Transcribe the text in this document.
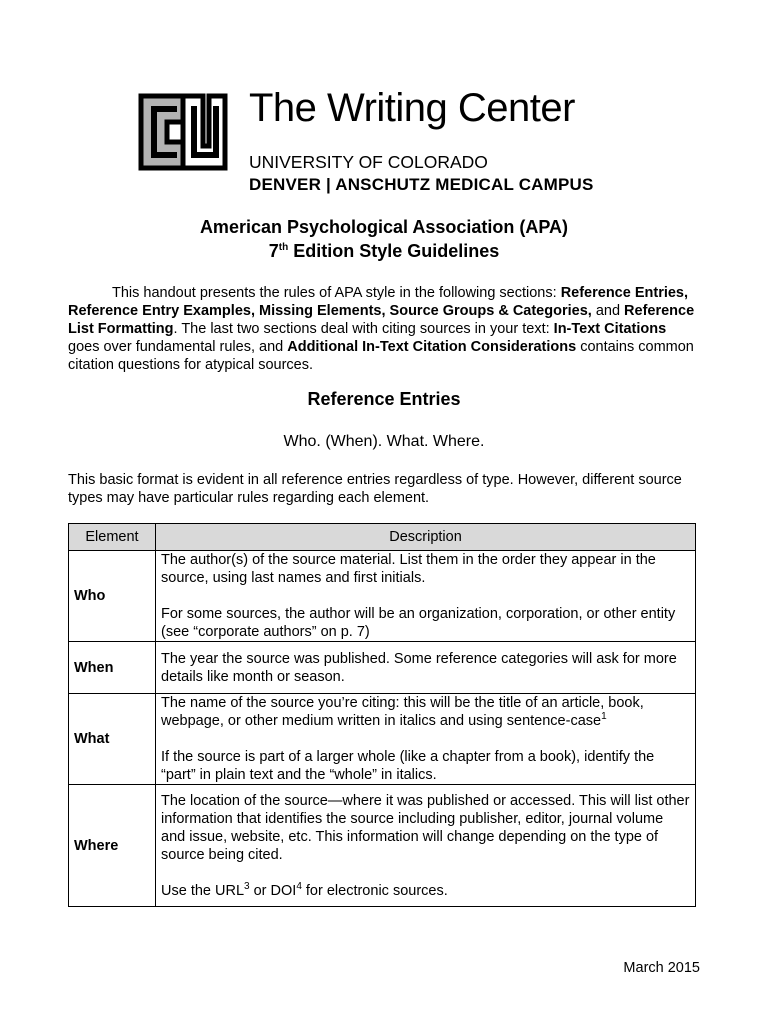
The Writing Center
UNIVERSITY OF COLORADO
DENVER | ANSCHUTZ MEDICAL CAMPUS
American Psychological Association (APA)
7th Edition Style Guidelines

This handout presents the rules of APA style in the following sections: Reference Entries, Reference Entry Examples, Missing Elements, Source Groups & Categories, and Reference List Formatting. The last two sections deal with citing sources in your text: In-Text Citations goes over fundamental rules, and Additional In-Text Citation Considerations contains common citation questions for atypical sources.

Reference Entries
Who. (When). What. Where.
This basic format is evident in all reference entries regardless of type. However, different source types may have particular rules regarding each element.
Element	Description
Who	The author(s) of the source material. List them in the order they appear in the source, using last names and first initials.

For some sources, the author will be an organization, corporation, or other entity (see “corporate authors” on p. 7)

When	The year the source was published. Some reference categories will ask for more details like month or season.

What	The name of the source you’re citing: this will be the title of an article, book, webpage, or other medium written in italics and using sentence-case$^1$

If the source is part of a larger whole (like a chapter from a book), identify the “part” in plain text and the “whole” in italics.

Where	The location of the source—where it was published or accessed. This will list other information that identifies the source including publisher, editor, journal volume and issue, website, etc. This information will change depending on the type of source being cited.

Use the URL$^3$ or DOI$^4$ for electronic sources.

March 2015
